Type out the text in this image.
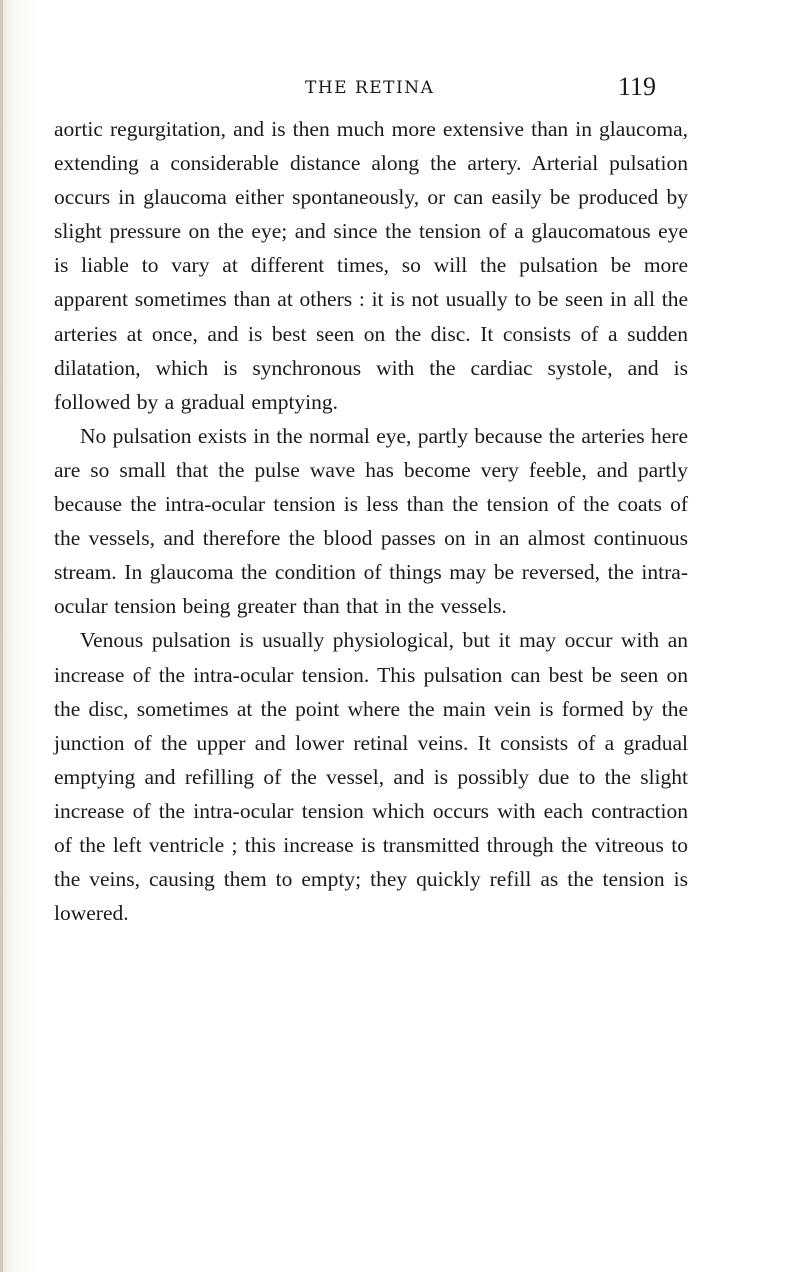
THE RETINA	119

aortic regurgitation, and is then much more extensive than in glaucoma, extending a considerable distance along the artery. Arterial pulsation occurs in glaucoma either spontaneously, or can easily be produced by slight pressure on the eye; and since the tension of a glaucomatous eye is liable to vary at different times, so will the pulsation be more apparent sometimes than at others : it is not usually to be seen in all the arteries at once, and is best seen on the disc. It consists of a sudden dilatation, which is synchronous with the cardiac systole, and is followed by a gradual emptying.

No pulsation exists in the normal eye, partly because the arteries here are so small that the pulse wave has become very feeble, and partly because the intra-ocular tension is less than the tension of the coats of the vessels, and therefore the blood passes on in an almost continuous stream. In glaucoma the condition of things may be reversed, the intra-ocular tension being greater than that in the vessels.

Venous pulsation is usually physiological, but it may occur with an increase of the intra-ocular tension. This pulsation can best be seen on the disc, sometimes at the point where the main vein is formed by the junction of the upper and lower retinal veins. It consists of a gradual emptying and refilling of the vessel, and is possibly due to the slight increase of the intra-ocular tension which occurs with each contraction of the left ventricle ; this increase is transmitted through the vitreous to the veins, causing them to empty; they quickly refill as the tension is lowered.
